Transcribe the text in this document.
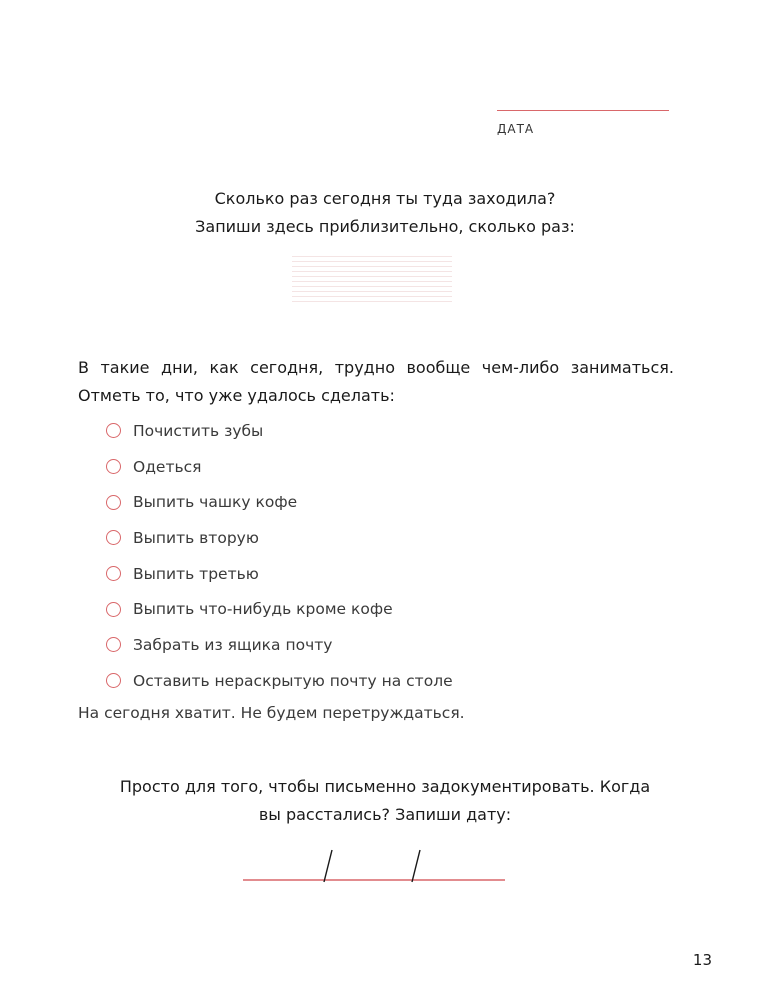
ДАТА
Сколько раз сегодня ты туда заходила?
Запиши здесь приблизительно, сколько раз:
В такие дни, как сегодня, трудно вообще чем-либо заниматься. Отметь то, что уже удалось сделать:
Почистить зубы
Одеться
Выпить чашку кофе
Выпить вторую
Выпить третью
Выпить что-нибудь кроме кофе
Забрать из ящика почту
Оставить нераскрытую почту на столе
На сегодня хватит. Не будем перетруждаться.
Просто для того, чтобы письменно задокументировать. Когда
вы расстались? Запиши дату:
13
